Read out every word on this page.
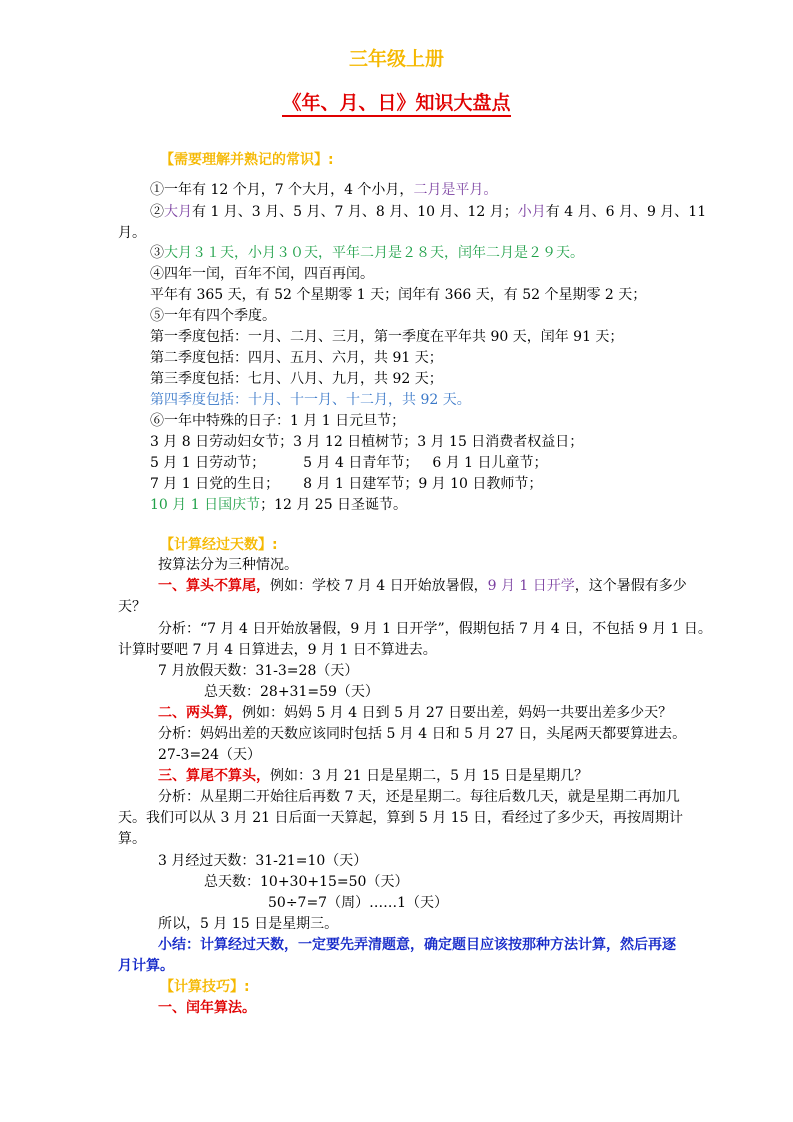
三年级上册
《年、月、日》知识大盘点
【需要理解并熟记的常识】:
①一年有 12 个月，7 个大月，4 个小月，二月是平月。
②大月有 1 月、3 月、5 月、7 月、8 月、10 月、12 月；小月有 4 月、6 月、9 月、11
月。
③大月３１天，小月３０天，平年二月是２８天，闰年二月是２９天。
④四年一闰，百年不闰，四百再闰。
平年有 365 天，有 52 个星期零 1 天；闰年有 366 天，有 52 个星期零 2 天；
⑤一年有四个季度。
第一季度包括：一月、二月、三月，第一季度在平年共 90 天，闰年 91 天；
第二季度包括：四月、五月、六月，共 91 天；
第三季度包括：七月、八月、九月，共 92 天；
第四季度包括：十月、十一月、十二月，共 92 天。
⑥一年中特殊的日子：1 月 1 日元旦节；
3 月 8 日劳动妇女节；3 月 12 日植树节；3 月 15 日消费者权益日；
5 月 1 日劳动节；	5 月 4 日青年节； 6 月 1 日儿童节；
7 月 1 日党的生日； 8 月 1 日建军节；9 月 10 日教师节；
10 月 1 日国庆节；12 月 25 日圣诞节。
【计算经过天数】:
按算法分为三种情况。
一、算头不算尾，例如：学校 7 月 4 日开始放暑假，9 月 1 日开学，这个暑假有多少
天？
分析：“7 月 4 日开始放暑假，9 月 1 日开学”，假期包括 7 月 4 日，不包括 9 月 1 日。
计算时要吧 7 月 4 日算进去，9 月 1 日不算进去。
7 月放假天数：31-3=28（天）
总天数：28+31=59（天）
二、两头算，例如：妈妈 5 月 4 日到 5 月 27 日要出差，妈妈一共要出差多少天？
分析：妈妈出差的天数应该同时包括 5 月 4 日和 5 月 27 日，头尾两天都要算进去。
27-3=24（天）
三、算尾不算头，例如：3 月 21 日是星期二，5 月 15 日是星期几？
分析：从星期二开始往后再数 7 天，还是星期二。每往后数几天，就是星期二再加几
天。我们可以从 3 月 21 日后面一天算起，算到 5 月 15 日，看经过了多少天，再按周期计
算。
3 月经过天数：31-21=10（天）
总天数：10+30+15=50（天）
50÷7=7（周）……1（天）
所以，5 月 15 日是星期三。
小结：计算经过天数，一定要先弄清题意，确定题目应该按那种方法计算，然后再逐
月计算。
【计算技巧】:
一、闰年算法。
